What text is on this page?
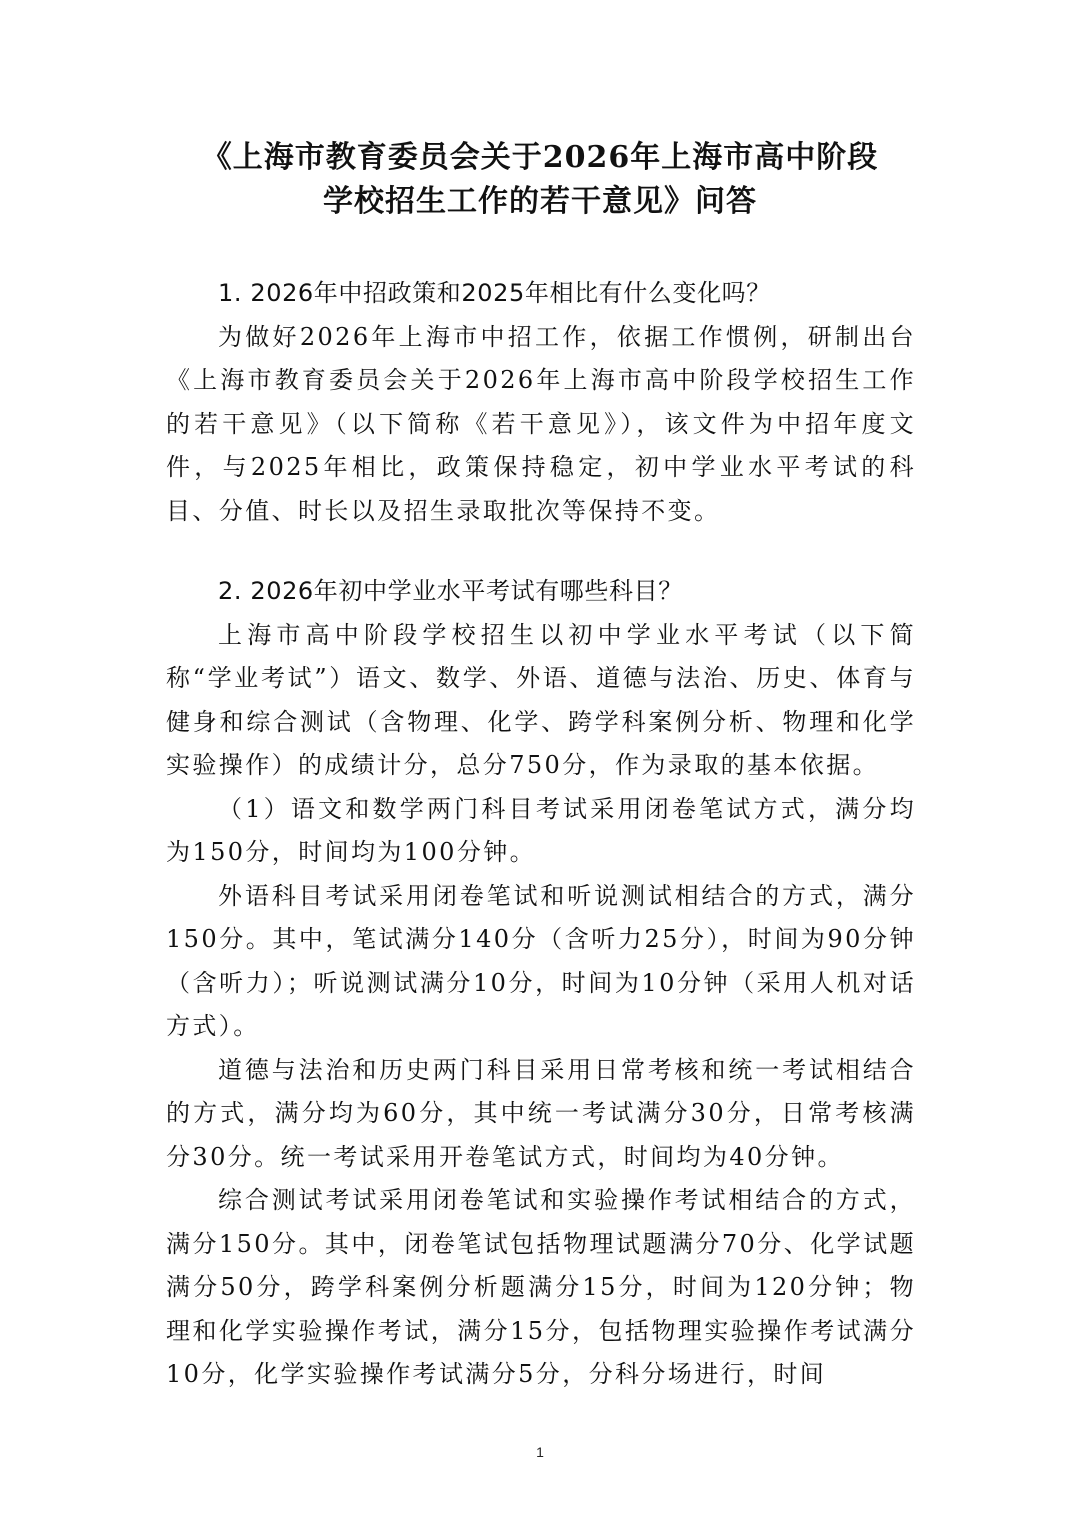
《上海市教育委员会关于2026年上海市高中阶段
学校招生工作的若干意见》问答

1. 2026年中招政策和2025年相比有什么变化吗？

为做好2026年上海市中招工作，依据工作惯例，研制出台《上海市教育委员会关于2026年上海市高中阶段学校招生工作的若干意见》（以下简称《若干意见》），该文件为中招年度文件，与2025年相比，政策保持稳定，初中学业水平考试的科目、分值、时长以及招生录取批次等保持不变。

2. 2026年初中学业水平考试有哪些科目？

上海市高中阶段学校招生以初中学业水平考试（以下简称“学业考试”）语文、数学、外语、道德与法治、历史、体育与健身和综合测试（含物理、化学、跨学科案例分析、物理和化学实验操作）的成绩计分，总分750分，作为录取的基本依据。

（1）语文和数学两门科目考试采用闭卷笔试方式，满分均为150分，时间均为100分钟。

外语科目考试采用闭卷笔试和听说测试相结合的方式，满分150分。其中，笔试满分140分（含听力25分），时间为90分钟（含听力）；听说测试满分10分，时间为10分钟（采用人机对话方式）。

道德与法治和历史两门科目采用日常考核和统一考试相结合的方式，满分均为60分，其中统一考试满分30分，日常考核满分30分。统一考试采用开卷笔试方式，时间均为40分钟。

综合测试考试采用闭卷笔试和实验操作考试相结合的方式，满分150分。其中，闭卷笔试包括物理试题满分70分、化学试题满分50分，跨学科案例分析题满分15分，时间为120分钟；物理和化学实验操作考试，满分15分，包括物理实验操作考试满分10分，化学实验操作考试满分5分，分科分场进行，时间

1
